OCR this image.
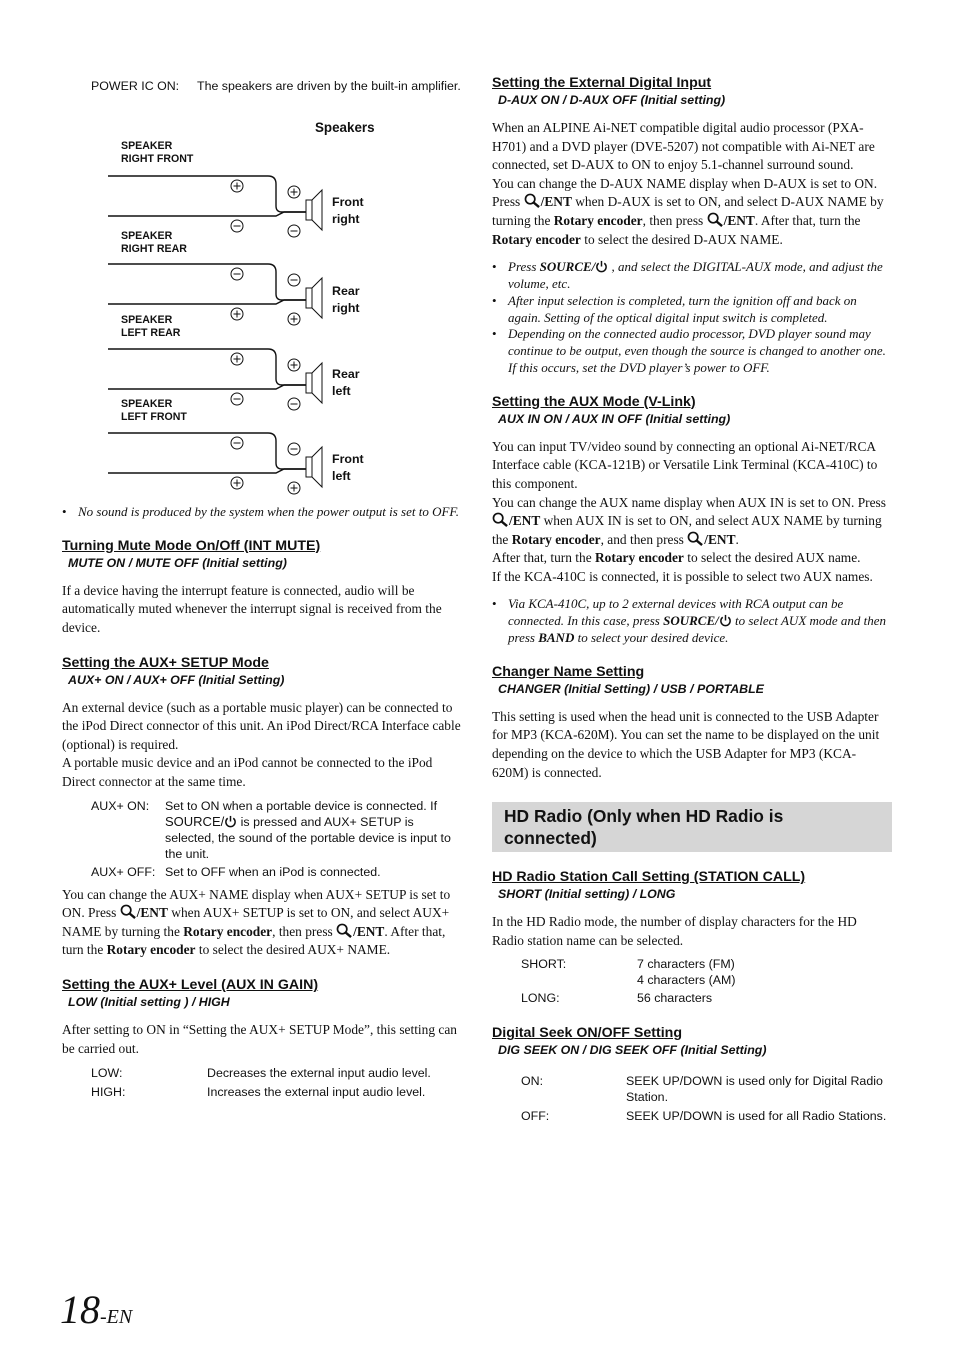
POWER IC ON:	The speakers are driven by the built-in amplifier.
Speakers
SPEAKER
RIGHT FRONT
Front
right
SPEAKER
RIGHT REAR
Rear
right
SPEAKER
LEFT REAR
Rear
left
SPEAKER
LEFT FRONT
Front
left

• No sound is produced by the system when the power output is set to OFF.

Turning Mute Mode On/Off (INT MUTE)

MUTE ON / MUTE OFF (Initial setting)

If a device having the interrupt feature is connected, audio will be automatically muted whenever the interrupt signal is received from the device.

Setting the AUX+ SETUP Mode

AUX+ ON / AUX+ OFF (Initial Setting)

An external device (such as a portable music player) can be connected to the iPod Direct connector of this unit. An iPod Direct/RCA Interface cable (optional) is required.

A portable music device and an iPod cannot be connected to the iPod Direct connector at the same time.

AUX+ ON:	Set to ON when a portable device is connected. If
SOURCE/ is pressed and AUX+ SETUP is selected, the sound of the portable device is input to the unit.
AUX+ OFF: Set to OFF when an iPod is connected.

You can change the AUX+ NAME display when AUX+ SETUP is set to ON. Press /ENT when AUX+ SETUP is set to ON, and select AUX+ NAME by turning the Rotary encoder, then press /ENT. After that, turn the Rotary encoder to select the desired AUX+ NAME.

Setting the AUX+ Level (AUX IN GAIN)

LOW (Initial setting ) / HIGH

After setting to ON in “Setting the AUX+ SETUP Mode”, this setting can be carried out.

LOW:	Decreases the external input audio level.
HIGH:	Increases the external input audio level.

Setting the External Digital Input

D-AUX ON / D-AUX OFF (Initial setting)

When an ALPINE Ai-NET compatible digital audio processor (PXA-H701) and a DVD player (DVE-5207) not compatible with Ai-NET are connected, set D-AUX to ON to enjoy 5.1-channel surround sound.

You can change the D-AUX NAME display when D-AUX is set to ON. Press /ENT when D-AUX is set to ON, and select D-AUX NAME by turning the Rotary encoder, then press /ENT. After that, turn the Rotary encoder to select the desired D-AUX NAME.

• Press SOURCE/ , and select the DIGITAL-AUX mode, and adjust the volume, etc.

• After input selection is completed, turn the ignition off and back on again. Setting of the optical digital input switch is completed.

• Depending on the connected audio processor, DVD player sound may continue to be output, even though the source is changed to another one. If this occurs, set the DVD player’s power to OFF.

Setting the AUX Mode (V-Link)

AUX IN ON / AUX IN OFF (Initial setting)

You can input TV/video sound by connecting an optional Ai-NET/RCA Interface cable (KCA-121B) or Versatile Link Terminal (KCA-410C) to this component.

You can change the AUX name display when AUX IN is set to ON. Press /ENT when AUX IN is set to ON, and select AUX NAME by turning the Rotary encoder, and then press /ENT.

After that, turn the Rotary encoder to select the desired AUX name.

If the KCA-410C is connected, it is possible to select two AUX names.

• Via KCA-410C, up to 2 external devices with RCA output can be connected. In this case, press SOURCE/ to select AUX mode and then press BAND to select your desired device.

Changer Name Setting

CHANGER (Initial Setting) / USB / PORTABLE

This setting is used when the head unit is connected to the USB Adapter for MP3 (KCA-620M). You can set the name to be displayed on the unit depending on the device to which the USB Adapter for MP3 (KCA-620M) is connected.

HD Radio (Only when HD Radio is connected)

HD Radio Station Call Setting (STATION CALL)

SHORT (Initial setting) / LONG

In the HD Radio mode, the number of display characters for the HD Radio station name can be selected.

SHORT:	7 characters (FM)
4 characters (AM)
LONG:	56 characters

Digital Seek ON/OFF Setting

DIG SEEK ON / DIG SEEK OFF (Initial Setting)

ON:	SEEK UP/DOWN is used only for Digital Radio Station.
OFF:	SEEK UP/DOWN is used for all Radio Stations.
18-EN
